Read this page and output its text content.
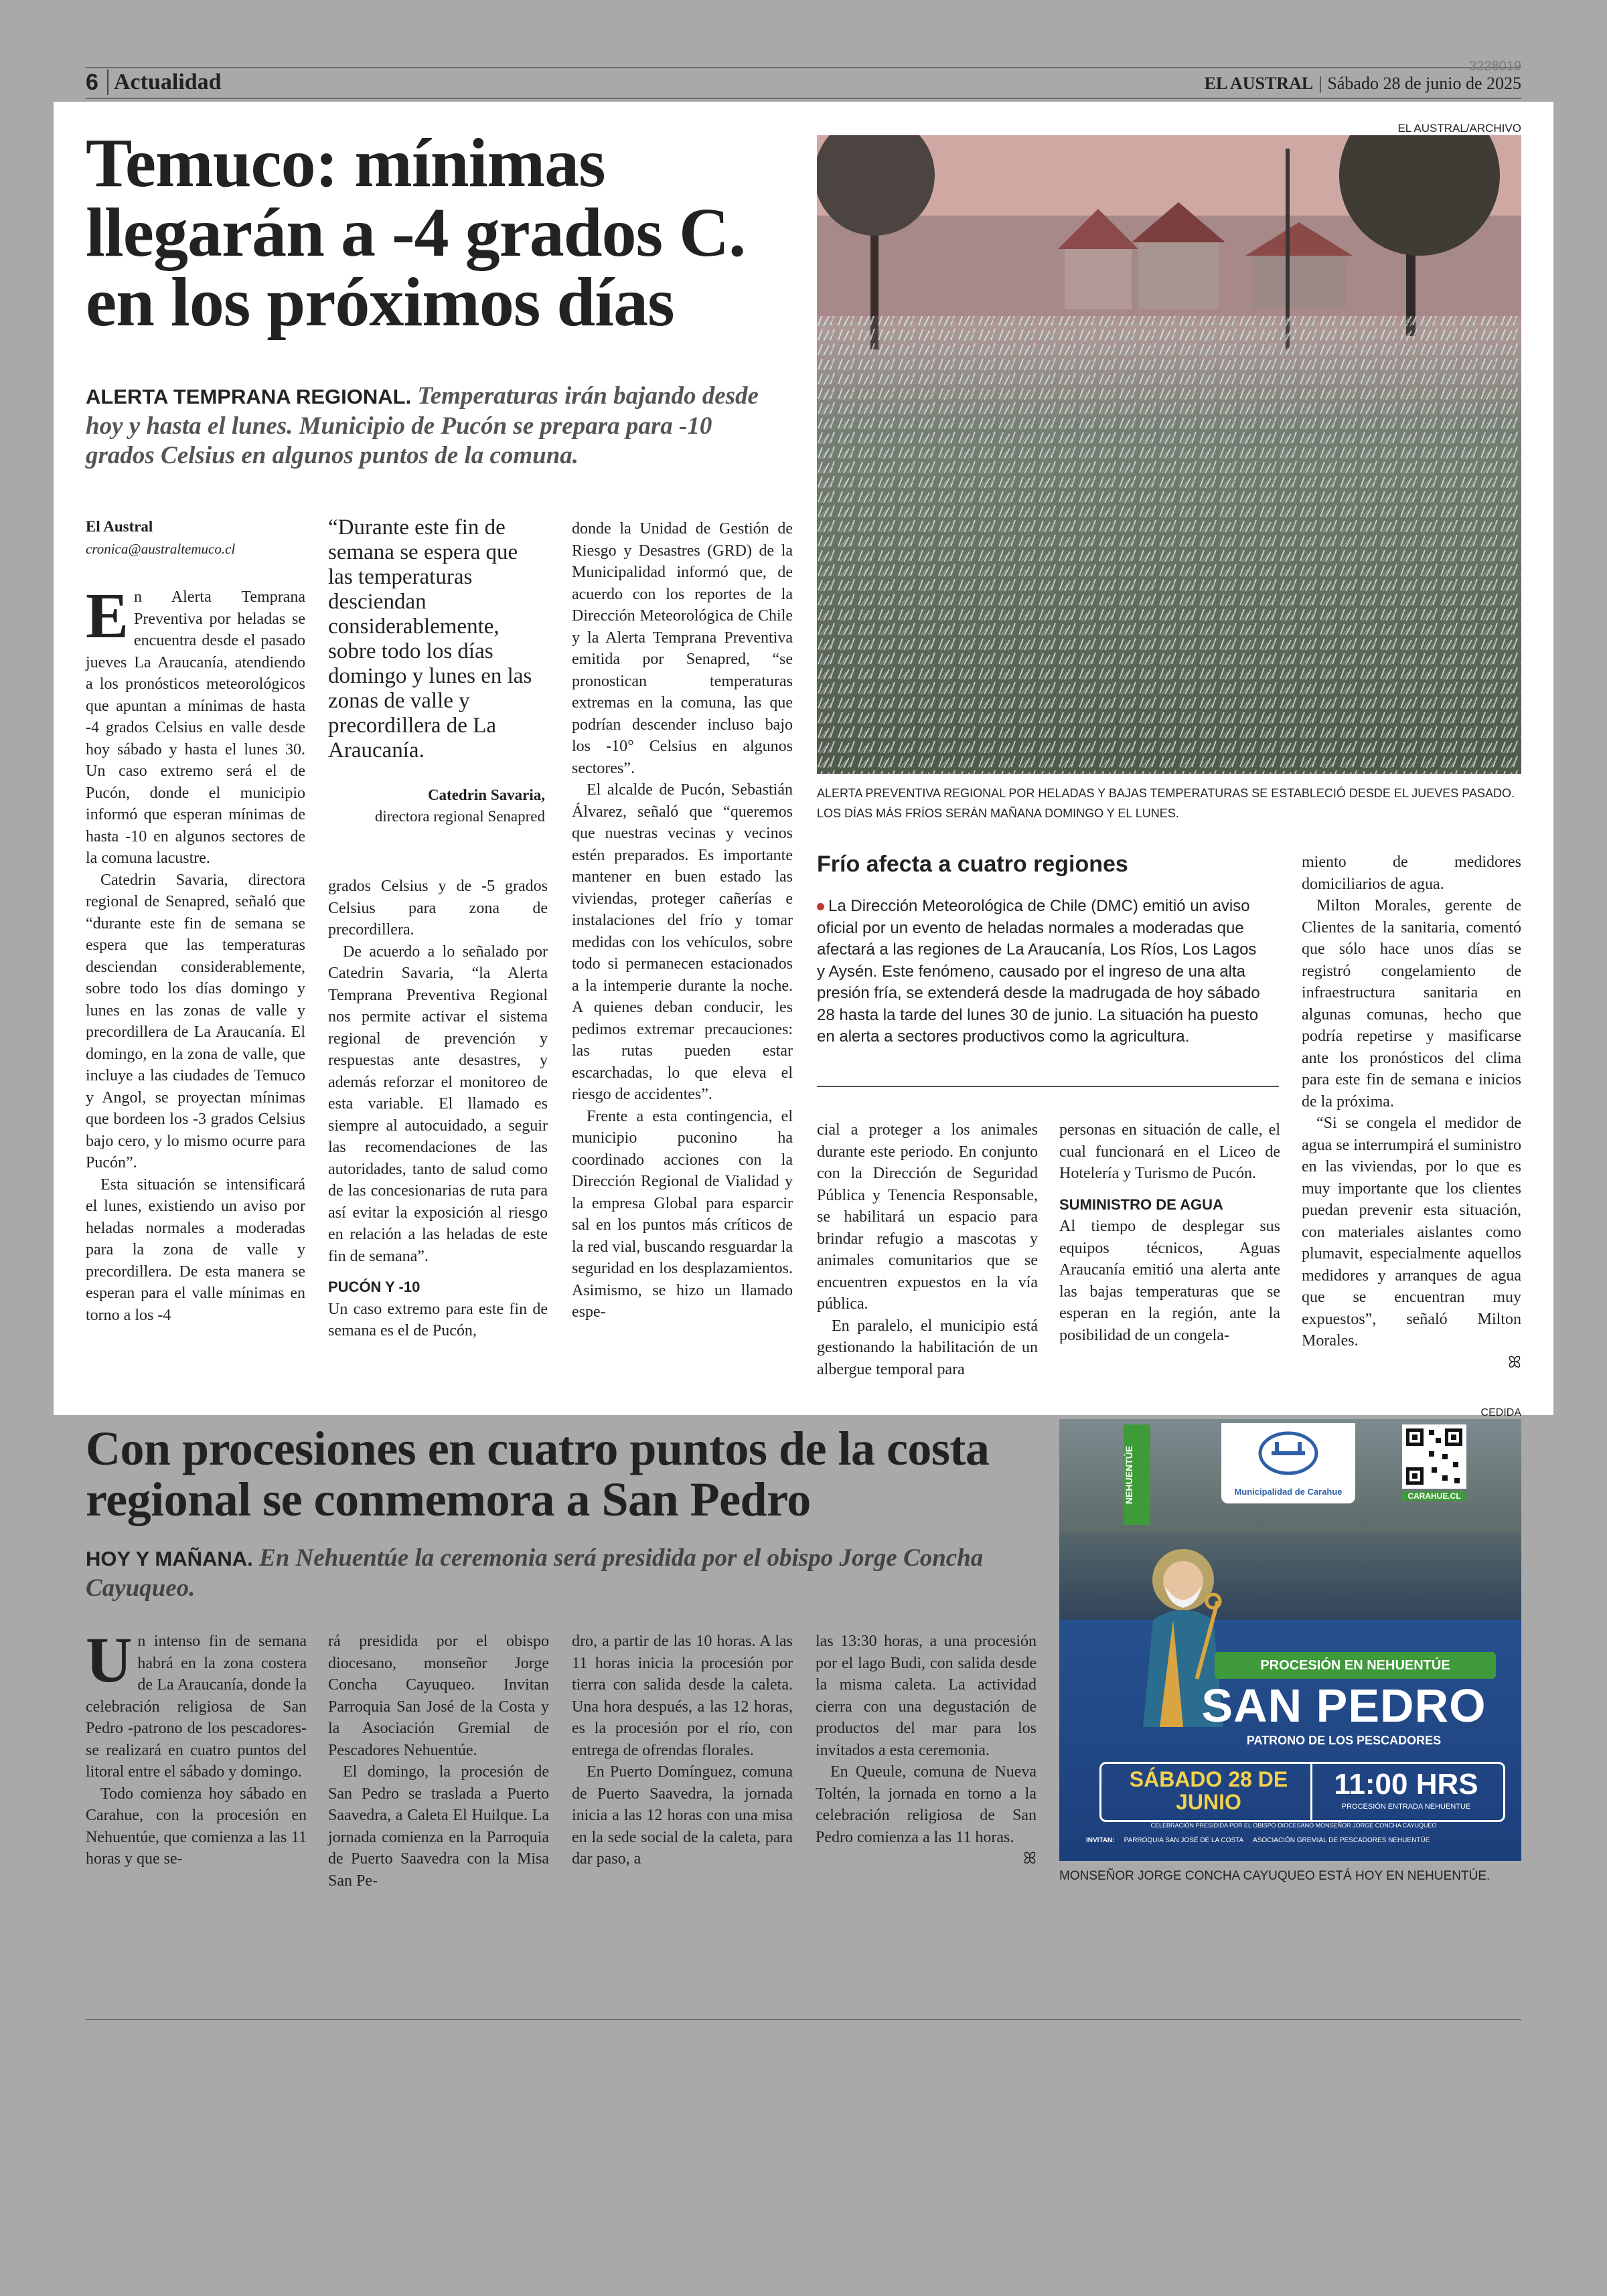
6 Actualidad	EL AUSTRAL | Sábado 28 de junio de 2025
3228019
Temuco: mínimas llegarán a -4 grados C. en los próximos días
ALERTA TEMPRANA REGIONAL. Temperaturas irán bajando desde hoy y hasta el lunes. Municipio de Pucón se prepara para -10 grados Celsius en algunos puntos de la comuna.
EL AUSTRAL/ARCHIVO
ALERTA PREVENTIVA REGIONAL POR HELADAS Y BAJAS TEMPERATURAS SE ESTABLECIÓ DESDE EL JUEVES PASADO. LOS DÍAS MÁS FRÍOS SERÁN MAÑANA DOMINGO Y EL LUNES.
El Austral
cronica@australtemuco.cl
E n Alerta Temprana Preventiva por heladas se encuentra desde el pasado jueves La Araucanía, atendiendo a los pronósticos meteorológicos que apuntan a mínimas de hasta -4 grados Celsius en valle desde hoy sábado y hasta el lunes 30. Un caso extremo será el de Pucón, donde el municipio informó que esperan mínimas de hasta -10 en algunos sectores de la comuna lacustre.

Catedrin Savaria, directora regional de Senapred, señaló que “durante este fin de semana se espera que las temperaturas desciendan considerablemente, sobre todo los días domingo y lunes en las zonas de valle y precordillera de La Araucanía. El domingo, en la zona de valle, que incluye a las ciudades de Temuco y Angol, se proyectan mínimas que bordeen los -3 grados Celsius bajo cero, y lo mismo ocurre para Pucón”.

Esta situación se intensificará el lunes, existiendo un aviso por heladas normales a moderadas para la zona de valle y precordillera. De esta manera se esperan para el valle mínimas en torno a los -4

“Durante este fin de semana se espera que las temperaturas desciendan considerablemente, sobre todo los días domingo y lunes en las zonas de valle y precordillera de La Araucanía.
Catedrin Savaria,
directora regional Senapred

grados Celsius y de -5 grados Celsius para zona de precordillera.

De acuerdo a lo señalado por Catedrin Savaria, “la Alerta Temprana Preventiva Regional nos permite activar el sistema regional de prevención y respuestas ante desastres, y además reforzar el monitoreo de esta variable. El llamado es siempre al autocuidado, a seguir las recomendaciones de las autoridades, tanto de salud como de las concesionarias de ruta para así evitar la exposición al riesgo en relación a las heladas de este fin de semana”.

PUCÓN Y -10

Un caso extremo para este fin de semana es el de Pucón,

donde la Unidad de Gestión de Riesgo y Desastres (GRD) de la Municipalidad informó que, de acuerdo con los reportes de la Dirección Meteorológica de Chile y la Alerta Temprana Preventiva emitida por Senapred, “se pronostican temperaturas extremas en la comuna, las que podrían descender incluso bajo los -10° Celsius en algunos sectores”.

El alcalde de Pucón, Sebastián Álvarez, señaló que “queremos que nuestras vecinas y vecinos estén preparados. Es importante mantener en buen estado las viviendas, proteger cañerías e instalaciones del frío y tomar medidas con los vehículos, sobre todo si permanecen estacionados a la intemperie durante la noche. A quienes deban conducir, les pedimos extremar precauciones: las rutas pueden estar escarchadas, lo que eleva el riesgo de accidentes”.

Frente a esta contingencia, el municipio puconino ha coordinado acciones con la Dirección Regional de Vialidad y la empresa Global para esparcir sal en los puntos más críticos de la red vial, buscando resguardar la seguridad en los desplazamientos. Asimismo, se hizo un llamado espe-

Frío afecta a cuatro regiones
La Dirección Meteorológica de Chile (DMC) emitió un aviso oficial por un evento de heladas normales a moderadas que afectará a las regiones de La Araucanía, Los Ríos, Los Lagos y Aysén. Este fenómeno, causado por el ingreso de una alta presión fría, se extenderá desde la madrugada de hoy sábado 28 hasta la tarde del lunes 30 de junio. La situación ha puesto en alerta a sectores productivos como la agricultura.

cial a proteger a los animales durante este periodo. En conjunto con la Dirección de Seguridad Pública y Tenencia Responsable, se habilitará un espacio para brindar refugio a mascotas y animales comunitarios que se encuentren expuestos en la vía pública.

En paralelo, el municipio está gestionando la habilitación de un albergue temporal para

personas en situación de calle, el cual funcionará en el Liceo de Hotelería y Turismo de Pucón.

SUMINISTRO DE AGUA

Al tiempo de desplegar sus equipos técnicos, Aguas Araucanía emitió una alerta ante las bajas temperaturas que se esperan en la región, ante la posibilidad de un congela-

miento de medidores domiciliarios de agua.

Milton Morales, gerente de Clientes de la sanitaria, comentó que sólo hace unos días se registró congelamiento de infraestructura sanitaria en algunas comunas, hecho que podría repetirse y masificarse ante los pronósticos del clima para este fin de semana e inicios de la próxima.

“Si se congela el medidor de agua se interrumpirá el suministro en las viviendas, por lo que es muy importante que los clientes puedan prevenir esta situación, con materiales aislantes como plumavit, especialmente aquellos medidores y arranques de agua que se encuentran muy expuestos”, señaló Milton Morales.

ꕤ
CEDIDA
Con procesiones en cuatro puntos de la costa regional se conmemora a San Pedro
HOY Y MAÑANA. En Nehuentúe la ceremonia será presidida por el obispo Jorge Concha Cayuqueo.
U n intenso fin de semana habrá en la zona costera de La Araucanía, donde la celebración religiosa de San Pedro -patrono de los pescadores- se realizará en cuatro puntos del litoral entre el sábado y domingo.

Todo comienza hoy sábado en Carahue, con la procesión en Nehuentúe, que comienza a las 11 horas y que se-

rá presidida por el obispo diocesano, monseñor Jorge Concha Cayuqueo. Invitan Parroquia San José de la Costa y la Asociación Gremial de Pescadores Nehuentúe.

El domingo, la procesión de San Pedro se traslada a Puerto Saavedra, a Caleta El Huilque. La jornada comienza en la Parroquia de Puerto Saavedra con la Misa San Pe-

dro, a partir de las 10 horas. A las 11 horas inicia la procesión por tierra con salida desde la caleta. Una hora después, a las 12 horas, es la procesión por el río, con entrega de ofrendas florales.

En Puerto Domínguez, comuna de Puerto Saavedra, la jornada inicia a las 12 horas con una misa en la sede social de la caleta, para dar paso, a

las 13:30 horas, a una procesión por el lago Budi, con salida desde la misma caleta. La actividad cierra con una degustación de productos del mar para los invitados a esta ceremonia.

En Queule, comuna de Nueva Toltén, la jornada en torno a la celebración religiosa de San Pedro comienza a las 11 horas.

ꕤ
NEHUENTÚE	Municipalidad de Carahue	CARAHUE.CL
PROCESIÓN EN NEHUENTÚE
SAN PEDRO
PATRONO DE LOS PESCADORES
SÁBADO 28 DE JUNIO
11:00 HRS
PROCESIÓN ENTRADA NEHUENTUE
CELEBRACIÓN PRESIDIDA POR EL OBISPO DIOCESANO MONSEÑOR JORGE CONCHA CAYUQUEO
INVITAN: PARROQUIA SAN JOSÉ DE LA COSTA ASOCIACIÓN GREMIAL DE PESCADORES NEHUENTÚE
MONSEÑOR JORGE CONCHA CAYUQUEO ESTÁ HOY EN NEHUENTÚE.
